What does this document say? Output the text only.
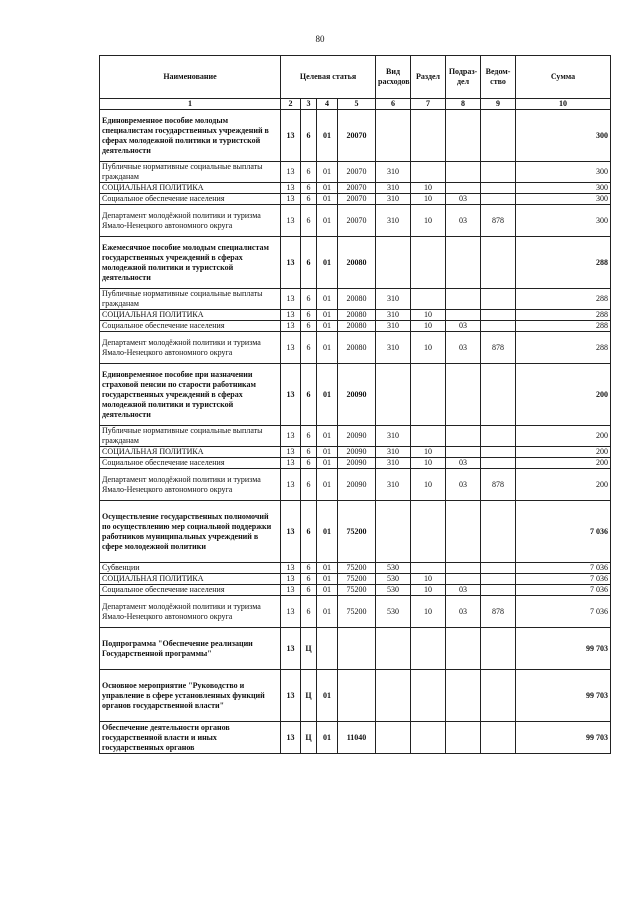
80
Наименование	Целевая статья				Вид расходов	Раздел	Подраз-дел	Ведом-ство	Сумма
1	2	3	4	5	6	7	8	9	10
Единовременное пособие молодым специалистам государственных учреждений в сферах молодежной политики и туристской деятельности	13	6	01	20070					300
Публичные нормативные социальные выплаты гражданам	13	6	01	20070	310				300
СОЦИАЛЬНАЯ ПОЛИТИКА	13	6	01	20070	310	10			300
Социальное обеспечение населения	13	6	01	20070	310	10	03		300
Департамент молодёжной политики и туризма Ямало-Ненецкого автономного округа	13	6	01	20070	310	10	03	878	300
Ежемесячное пособие молодым специалистам государственных учреждений в сферах молодежной политики и туристской деятельности	13	6	01	20080					288
Публичные нормативные социальные выплаты гражданам	13	6	01	20080	310				288
СОЦИАЛЬНАЯ ПОЛИТИКА	13	6	01	20080	310	10			288
Социальное обеспечение населения	13	6	01	20080	310	10	03		288
Департамент молодёжной политики и туризма Ямало-Ненецкого автономного округа	13	6	01	20080	310	10	03	878	288
Единовременное пособие при назначении страховой пенсии по старости работникам государственных учреждений в сферах молодежной политики и туристской деятельности	13	6	01	20090					200
Публичные нормативные социальные выплаты гражданам	13	6	01	20090	310				200
СОЦИАЛЬНАЯ ПОЛИТИКА	13	6	01	20090	310	10			200
Социальное обеспечение населения	13	6	01	20090	310	10	03		200
Департамент молодёжной политики и туризма Ямало-Ненецкого автономного округа	13	6	01	20090	310	10	03	878	200
Осуществление государственных полномочий по осуществлению мер социальной поддержки работников муниципальных учреждений в сфере молодежной политики	13	6	01	75200					7 036
Субвенции	13	6	01	75200	530				7 036
СОЦИАЛЬНАЯ ПОЛИТИКА	13	6	01	75200	530	10			7 036
Социальное обеспечение населения	13	6	01	75200	530	10	03		7 036
Департамент молодёжной политики и туризма Ямало-Ненецкого автономного округа	13	6	01	75200	530	10	03	878	7 036
Подпрограмма "Обеспечение реализации Государственной программы"	13	Ц							99 703
Основное мероприятие "Руководство и управление в сфере установленных функций органов государственной власти"	13	Ц	01						99 703
Обеспечение деятельности органов государственной власти и иных государственных органов	13	Ц	01	11040					99 703
